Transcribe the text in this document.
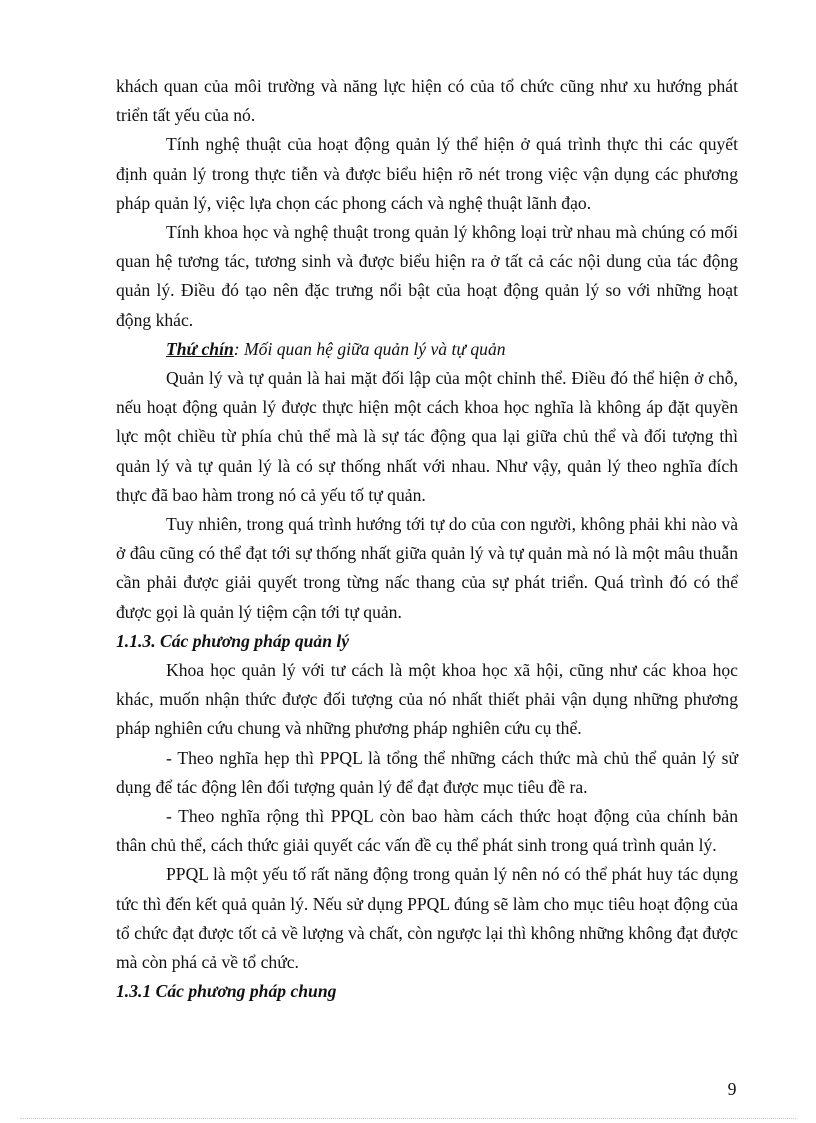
khách quan của môi trường và năng lực hiện có của tổ chức cũng như xu hướng phát triển tất yếu của nó.

Tính nghệ thuật của hoạt động quản lý thể hiện ở quá trình thực thi các quyết định quản lý trong thực tiễn và được biểu hiện rõ nét trong việc vận dụng các phương pháp quản lý, việc lựa chọn các phong cách và nghệ thuật lãnh đạo.

Tính khoa học và nghệ thuật trong quản lý không loại trừ nhau mà chúng có mối quan hệ tương tác, tương sinh và được biểu hiện ra ở tất cả các nội dung của tác động quản lý. Điều đó tạo nên đặc trưng nổi bật của hoạt động quản lý so với những hoạt động khác.

Thứ chín: Mối quan hệ giữa quản lý và tự quản

Quản lý và tự quản là hai mặt đối lập của một chỉnh thể. Điều đó thể hiện ở chỗ, nếu hoạt động quản lý được thực hiện một cách khoa học nghĩa là không áp đặt quyền lực một chiều từ phía chủ thể mà là sự tác động qua lại giữa chủ thể và đối tượng thì quản lý và tự quản lý là có sự thống nhất với nhau. Như vậy, quản lý theo nghĩa đích thực đã bao hàm trong nó cả yếu tố tự quản.

Tuy nhiên, trong quá trình hướng tới tự do của con người, không phải khi nào và ở đâu cũng có thể đạt tới sự thống nhất giữa quản lý và tự quản mà nó là một mâu thuẫn cần phải được giải quyết trong từng nấc thang của sự phát triển. Quá trình đó có thể được gọi là quản lý tiệm cận tới tự quản.

1.1.3. Các phương pháp quản lý

Khoa học quản lý với tư cách là một khoa học xã hội, cũng như các khoa học khác, muốn nhận thức được đối tượng của nó nhất thiết phải vận dụng những phương pháp nghiên cứu chung và những phương pháp nghiên cứu cụ thể.

- Theo nghĩa hẹp thì PPQL là tổng thể những cách thức mà chủ thể quản lý sử dụng để tác động lên đối tượng quản lý để đạt được mục tiêu đề ra.

- Theo nghĩa rộng thì PPQL còn bao hàm cách thức hoạt động của chính bản thân chủ thể, cách thức giải quyết các vấn đề cụ thể phát sinh trong quá trình quản lý.

PPQL là một yếu tố rất năng động trong quản lý nên nó có thể phát huy tác dụng tức thì đến kết quả quản lý. Nếu sử dụng PPQL đúng sẽ làm cho mục tiêu hoạt động của tổ chức đạt được tốt cả về lượng và chất, còn ngược lại thì không những không đạt được mà còn phá cả về tổ chức.

1.3.1 Các phương pháp chung

9
